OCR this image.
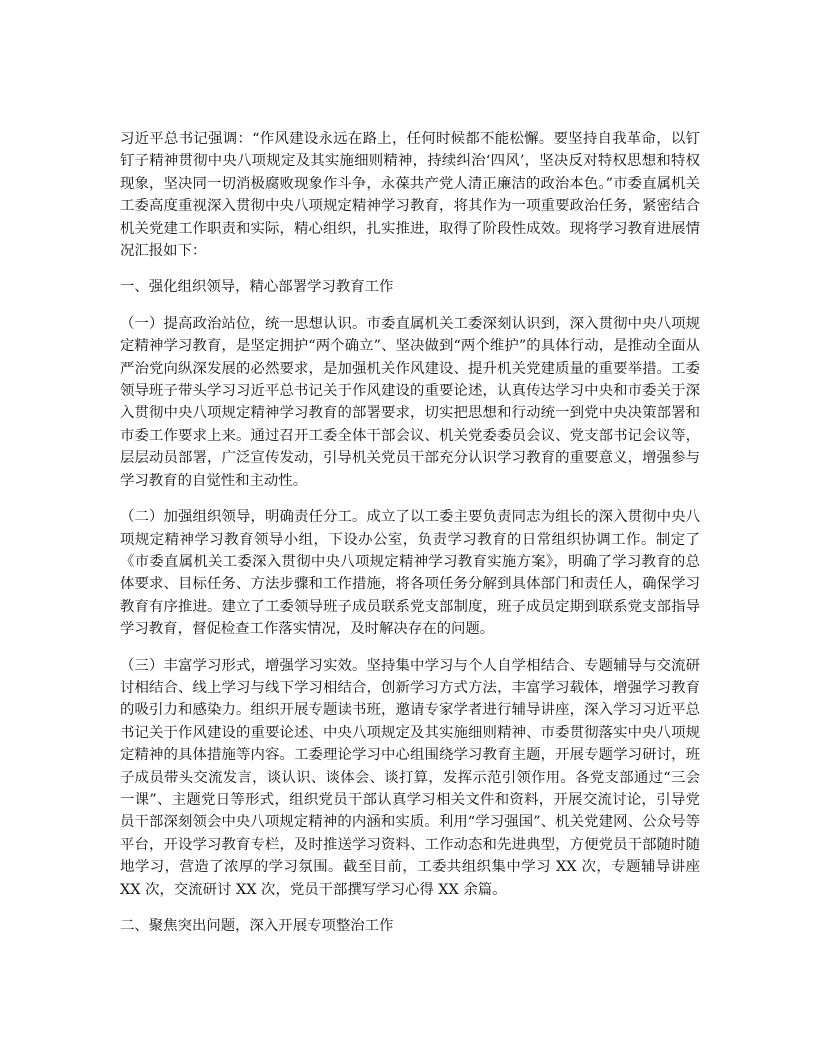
习近平总书记强调：“作风建设永远在路上，任何时候都不能松懈。要坚持自我革命，以钉钉子精神贯彻中央八项规定及其实施细则精神，持续纠治‘四风’，坚决反对特权思想和特权现象，坚决同一切消极腐败现象作斗争，永葆共产党人清正廉洁的政治本色。”市委直属机关工委高度重视深入贯彻中央八项规定精神学习教育，将其作为一项重要政治任务，紧密结合机关党建工作职责和实际，精心组织，扎实推进，取得了阶段性成效。现将学习教育进展情况汇报如下：

一、强化组织领导，精心部署学习教育工作

（一）提高政治站位，统一思想认识。市委直属机关工委深刻认识到，深入贯彻中央八项规定精神学习教育，是坚定拥护“两个确立”、坚决做到“两个维护”的具体行动，是推动全面从严治党向纵深发展的必然要求，是加强机关作风建设、提升机关党建质量的重要举措。工委领导班子带头学习习近平总书记关于作风建设的重要论述，认真传达学习中央和市委关于深入贯彻中央八项规定精神学习教育的部署要求，切实把思想和行动统一到党中央决策部署和市委工作要求上来。通过召开工委全体干部会议、机关党委委员会议、党支部书记会议等，层层动员部署，广泛宣传发动，引导机关党员干部充分认识学习教育的重要意义，增强参与学习教育的自觉性和主动性。

（二）加强组织领导，明确责任分工。成立了以工委主要负责同志为组长的深入贯彻中央八项规定精神学习教育领导小组，下设办公室，负责学习教育的日常组织协调工作。制定了《市委直属机关工委深入贯彻中央八项规定精神学习教育实施方案》，明确了学习教育的总体要求、目标任务、方法步骤和工作措施，将各项任务分解到具体部门和责任人，确保学习教育有序推进。建立了工委领导班子成员联系党支部制度，班子成员定期到联系党支部指导学习教育，督促检查工作落实情况，及时解决存在的问题。

（三）丰富学习形式，增强学习实效。坚持集中学习与个人自学相结合、专题辅导与交流研讨相结合、线上学习与线下学习相结合，创新学习方式方法，丰富学习载体，增强学习教育的吸引力和感染力。组织开展专题读书班，邀请专家学者进行辅导讲座，深入学习习近平总书记关于作风建设的重要论述、中央八项规定及其实施细则精神、市委贯彻落实中央八项规定精神的具体措施等内容。工委理论学习中心组围绕学习教育主题，开展专题学习研讨，班子成员带头交流发言，谈认识、谈体会、谈打算，发挥示范引领作用。各党支部通过“三会一课”、主题党日等形式，组织党员干部认真学习相关文件和资料，开展交流讨论，引导党员干部深刻领会中央八项规定精神的内涵和实质。利用“学习强国”、机关党建网、公众号等平台，开设学习教育专栏，及时推送学习资料、工作动态和先进典型，方便党员干部随时随地学习，营造了浓厚的学习氛围。截至目前，工委共组织集中学习 XX 次，专题辅导讲座 XX 次，交流研讨 XX 次，党员干部撰写学习心得 XX 余篇。

二、聚焦突出问题，深入开展专项整治工作
